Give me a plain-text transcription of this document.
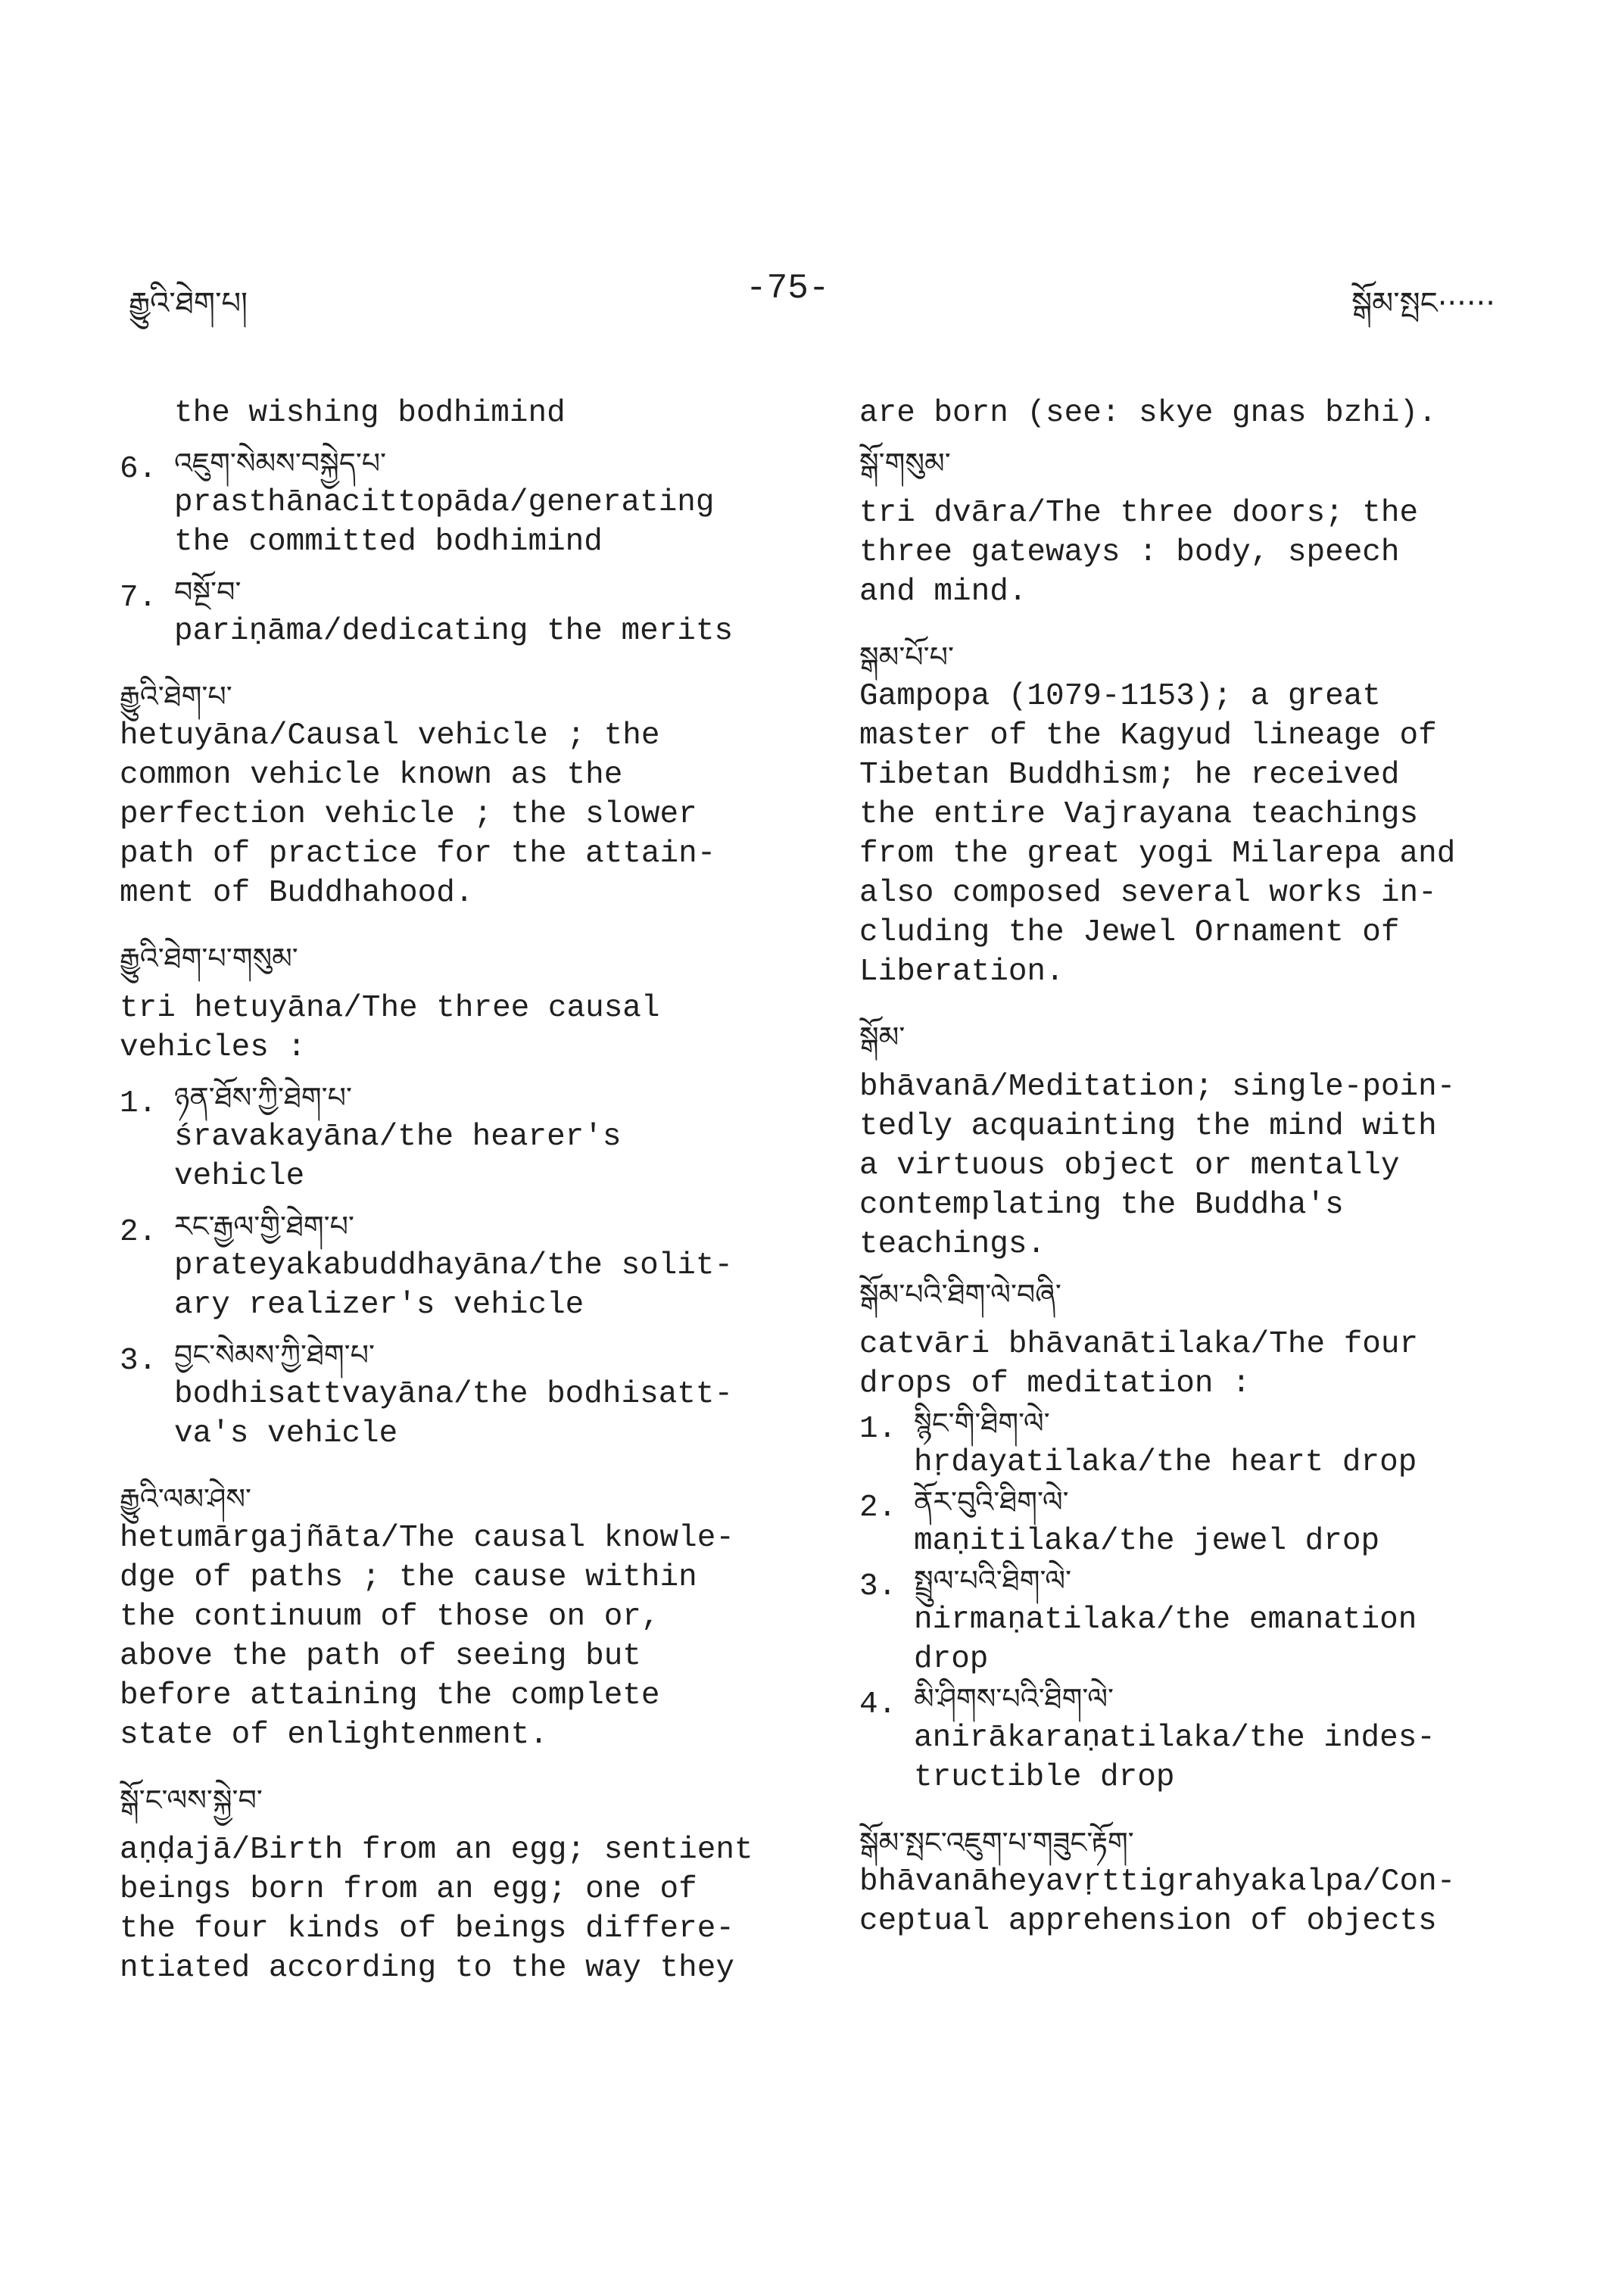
རྒྱུའི་ཐེག་པ།	-75-	སྒོམ་སྤང······
the wishing bodhimind
6. འཇུག་སེམས་བསྐྱེད་པ་
prasthānacittopāda/generating
the committed bodhimind
7. བསྔོ་བ་
pariṇāma/dedicating the merits
རྒྱུའི་ཐེག་པ་
hetuyāna/Causal vehicle ; the
common vehicle known as the
perfection vehicle ; the slower
path of practice for the attain-
ment of Buddhahood.
རྒྱུའི་ཐེག་པ་གསུམ་
tri hetuyāna/The three causal
vehicles :
1. ཉན་ཐོས་ཀྱི་ཐེག་པ་
śravakayāna/the hearer's
vehicle
2. རང་རྒྱལ་གྱི་ཐེག་པ་
prateyakabuddhayāna/the solit-
ary realizer's vehicle
3. བྱང་སེམས་ཀྱི་ཐེག་པ་
bodhisattvayāna/the bodhisatt-
va's vehicle
རྒྱུའི་ལམ་ཤེས་
hetumārgajñāta/The causal knowle-
dge of paths ; the cause within
the continuum of those on or,
above the path of seeing but
before attaining the complete
state of enlightenment.
སྒོ་ང་ལས་སྐྱེ་བ་
aṇḍajā/Birth from an egg; sentient
beings born from an egg; one of
the four kinds of beings differe-
ntiated according to the way they
are born (see: skye gnas bzhi).
སྒོ་གསུམ་
tri dvāra/The three doors; the
three gateways : body, speech
and mind.
སྒམ་པོ་པ་
Gampopa (1079-1153); a great
master of the Kagyud lineage of
Tibetan Buddhism; he received
the entire Vajrayana teachings
from the great yogi Milarepa and
also composed several works in-
cluding the Jewel Ornament of
Liberation.
སྒོམ་
bhāvanā/Meditation; single-poin-
tedly acquainting the mind with
a virtuous object or mentally
contemplating the Buddha's
teachings.
སྒོམ་པའི་ཐིག་ལེ་བཞི་
catvāri bhāvanātilaka/The four
drops of meditation :
1. སྙིང་གི་ཐིག་ལེ་
hṛdayatilaka/the heart drop
2. ནོར་བུའི་ཐིག་ལེ་
maṇitilaka/the jewel drop
3. སྤྲུལ་པའི་ཐིག་ལེ་
nirmaṇatilaka/the emanation
drop
4. མི་ཤིགས་པའི་ཐིག་ལེ་
anirākaraṇatilaka/the indes-
tructible drop
སྒོམ་སྤང་འཇུག་པ་གཟུང་རྟོག་
bhāvanāheyavṛttigrahyakalpa/Con-
ceptual apprehension of objects
